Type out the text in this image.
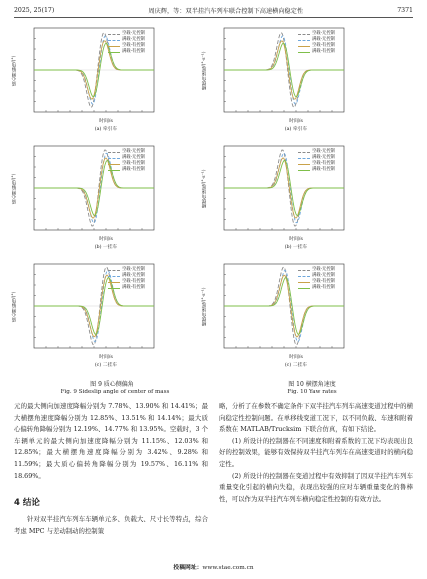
2025, 25(17)	周庆辉，等：双半挂汽车列车联合控制下高速横向稳定性	7371
质心侧偏角/(°)
空载-无控制
满载-无控制
空载-有控制
满载-有控制
时间/s
(a) 牵引车
质心侧偏角/(°)
空载-无控制
满载-无控制
空载-有控制
满载-有控制
时间/s
(b) 一挂车
质心侧偏角/(°)
空载-无控制
满载-无控制
空载-有控制
满载-有控制
时间/s
(c) 二挂车
横摆角速度/(°·s⁻¹)
空载-无控制
满载-无控制
空载-有控制
满载-有控制
时间/s
(a) 牵引车
横摆角速度/(°·s⁻¹)
空载-无控制
满载-无控制
空载-有控制
满载-有控制
时间/s
(b) 一挂车
横摆角速度/(°·s⁻¹)
空载-无控制
满载-无控制
空载-有控制
满载-有控制
时间/s
(c) 二挂车
图 9 质心侧偏角
Fig. 9 Sideslip angle of center of mass
图 10 横摆角速度
Fig. 10 Yaw rates

元的最大侧向加速度降幅分别为 7.78%、13.90% 和 14.41%；最大横摆角速度降幅分别为 12.85%、13.51% 和 14.14%；最大质心偏转角降幅分别为 12.19%、14.77% 和 13.95%。空载时，3 个车辆单元的最大侧向加速度降幅分别为 11.15%、12.03% 和 12.85%；最大横摆角速度降幅分别为 3.42%、9.28% 和 11.59%；最大质心偏转角降幅分别为 19.57%、16.11% 和 18.69%。

4 结论

针对双半挂汽车列车车辆单元多、负载大、尺寸长等特点，综合考虑 MPC 与差动制动的控制策

略，分析了在参数不确定条件下双半挂汽车列车高速变道过程中的横向稳定性控制问题。在单移线变道工况下，以不同负载、车速和附着系数在 MATLAB/Trucksim 下联合仿真，有如下结论。

(1) 所设计的控制器在不同速度和附着系数的工况下均表现出良好的控制效果，能够有效保持双半挂汽车列车在高速变道时的横向稳定性。

(2) 所设计的控制器在变道过程中有效抑制了因双半挂汽车列车重量变化引起的横向失稳，表现出较强的应对车辆重量变化的鲁棒性，可以作为双半挂汽车列车横向稳定性控制的有效方法。

投稿网址：www.stae.com.cn
